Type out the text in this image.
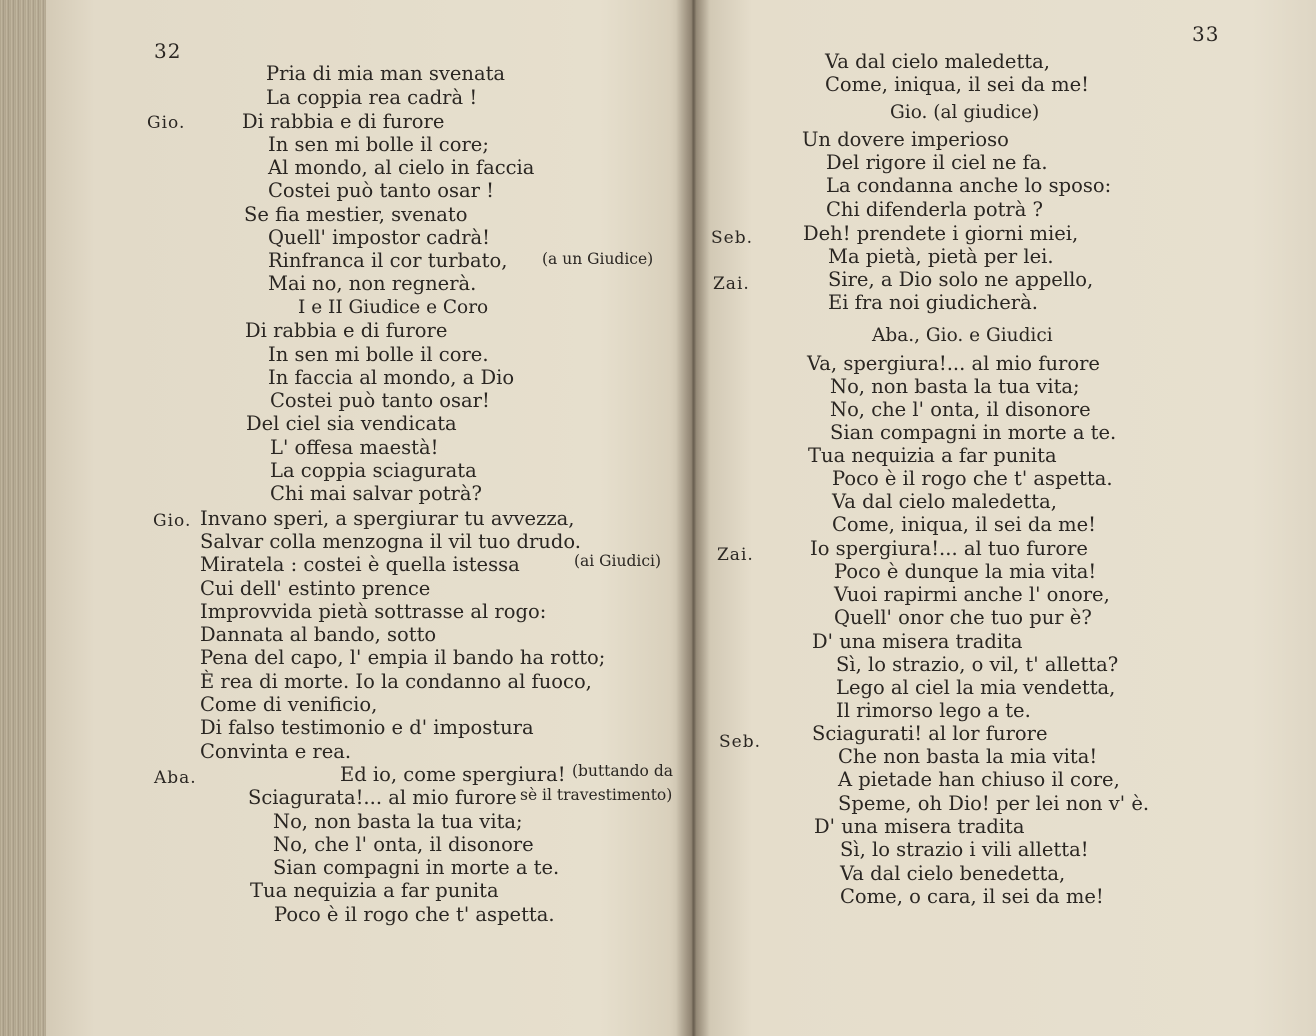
32
Pria di mia man svenata
La coppia rea cadrà !
Gio.	Di rabbia e di furore
In sen mi bolle il core;
Al mondo, al cielo in faccia
Costei può tanto osar !
Se fia mestier, svenato
Quell' impostor cadrà!
Rinfranca il cor turbato, (a un Giudice)
Mai no, non regnerà.
I e II Giudice e Coro
Di rabbia e di furore
In sen mi bolle il core.
In faccia al mondo, a Dio
Costei può tanto osar!
Del ciel sia vendicata
L' offesa maestà!
La coppia sciagurata
Chi mai salvar potrà?
Gio. Invano speri, a spergiurar tu avvezza,
Salvar colla menzogna il vil tuo drudo.
Miratela : costei è quella istessa	(ai Giudici)
Cui dell' estinto prence
Improvvida pietà sottrasse al rogo:
Dannata al bando, sotto
Pena del capo, l' empia il bando ha rotto;
È rea di morte. Io la condanno al fuoco,
Come di venificio,
Di falso testimonio e d' impostura
Convinta e rea.
Aba.	Ed io, come spergiura! (buttando da
Sciagurata!... al mio furore sè il travestimento)
No, non basta la tua vita;
No, che l' onta, il disonore
Sian compagni in morte a te.
Tua nequizia a far punita
Poco è il rogo che t' aspetta.
33
Va dal cielo maledetta,
Come, iniqua, il sei da me!
Gio. (al giudice)
Un dovere imperioso
Del rigore il ciel ne fa.
La condanna anche lo sposo:
Chi difenderla potrà ?
Seb.	Deh! prendete i giorni miei,
Ma pietà, pietà per lei.
Zai.	Sire, a Dio solo ne appello,
Ei fra noi giudicherà.
Aba., Gio. e Giudici
Va, spergiura!... al mio furore
No, non basta la tua vita;
No, che l' onta, il disonore
Sian compagni in morte a te.
Tua nequizia a far punita
Poco è il rogo che t' aspetta.
Va dal cielo maledetta,
Come, iniqua, il sei da me!
Zai.	Io spergiura!... al tuo furore
Poco è dunque la mia vita!
Vuoi rapirmi anche l' onore,
Quell' onor che tuo pur è?
D' una misera tradita
Sì, lo strazio, o vil, t' alletta?
Lego al ciel la mia vendetta,
Il rimorso lego a te.
Seb.	Sciagurati! al lor furore
Che non basta la mia vita!
A pietade han chiuso il core,
Speme, oh Dio! per lei non v' è.
D' una misera tradita
Sì, lo strazio i vili alletta!
Va dal cielo benedetta,
Come, o cara, il sei da me!
